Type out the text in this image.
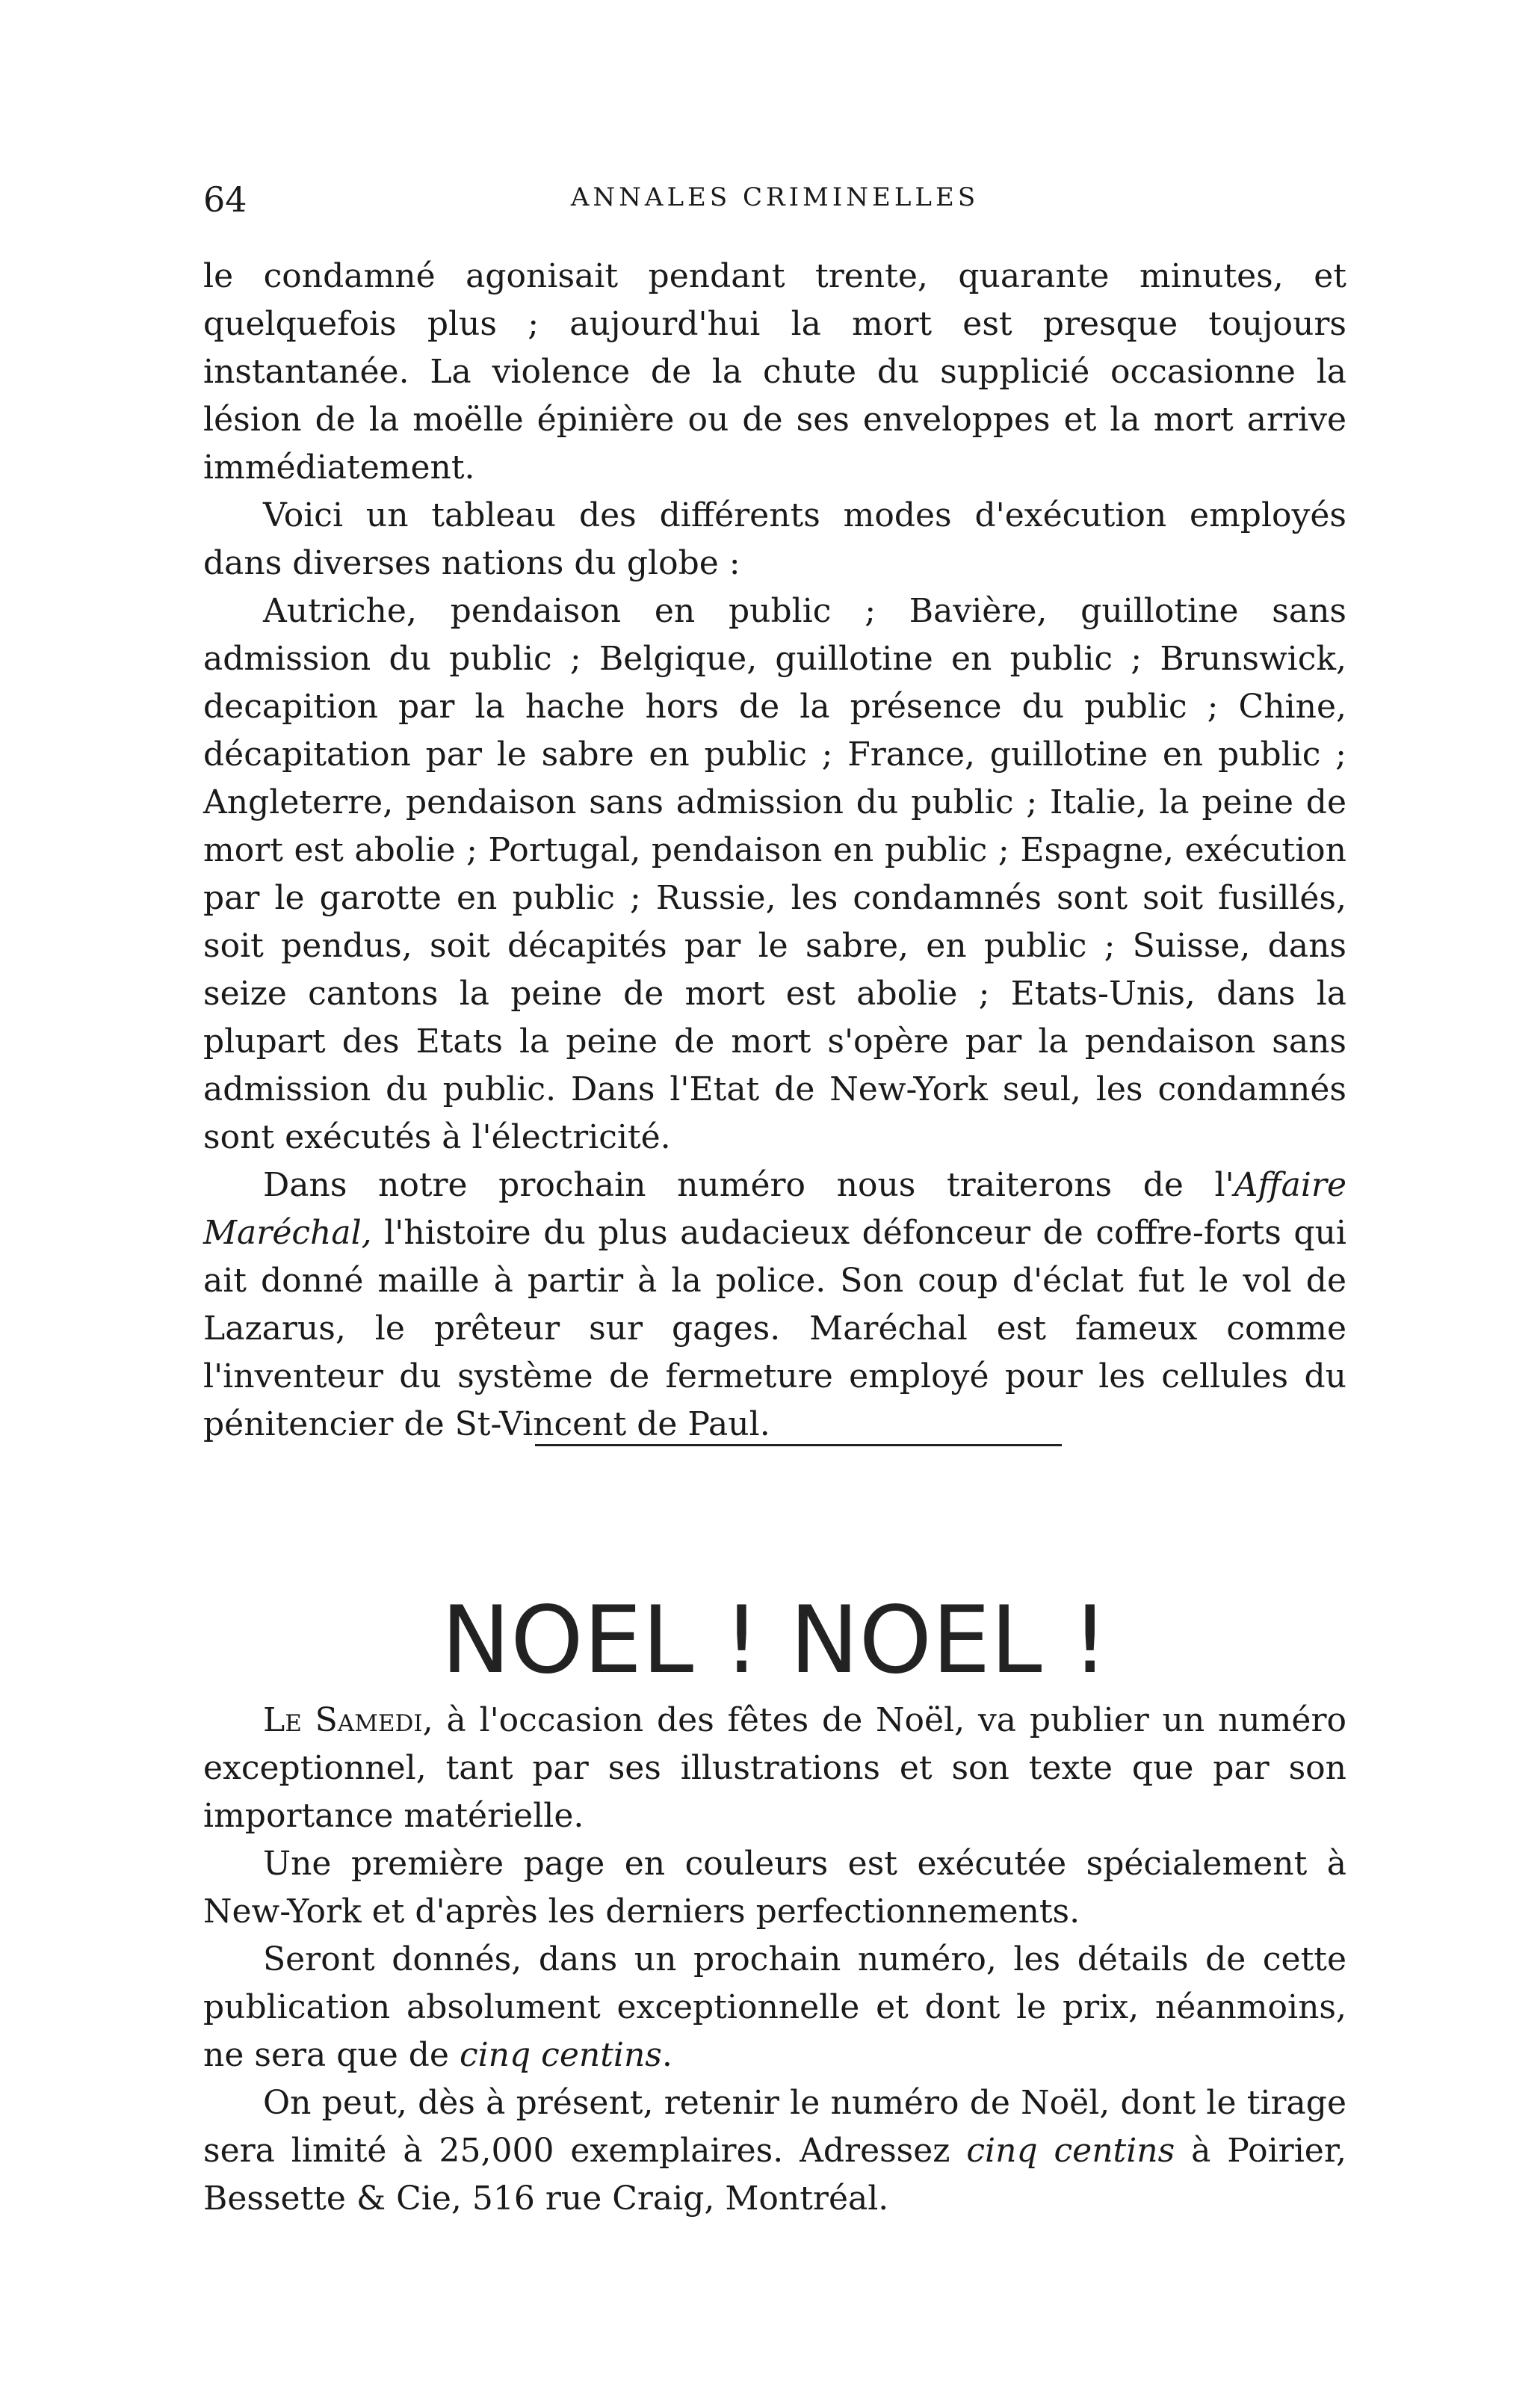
64	ANNALES CRIMINELLES

le condamné agonisait pendant trente, quarante minutes, et quelquefois plus ; aujourd'hui la mort est presque toujours instantanée. La violence de la chute du supplicié occasionne la lésion de la moëlle épinière ou de ses enveloppes et la mort arrive immédiatement.

Voici un tableau des différents modes d'exécution employés dans diverses nations du globe :

Autriche, pendaison en public ; Bavière, guillotine sans admission du public ; Belgique, guillotine en public ; Brunswick, decapition par la hache hors de la présence du public ; Chine, décapitation par le sabre en public ; France, guillotine en public ; Angleterre, pendaison sans admission du public ; Italie, la peine de mort est abolie ; Portugal, pendaison en public ; Espagne, exécution par le garotte en public ; Russie, les condamnés sont soit fusillés, soit pendus, soit décapités par le sabre, en public ; Suisse, dans seize cantons la peine de mort est abolie ; Etats-Unis, dans la plupart des Etats la peine de mort s'opère par la pendaison sans admission du public. Dans l'Etat de New-York seul, les condamnés sont exécutés à l'électricité.

Dans notre prochain numéro nous traiterons de l'Affaire Maréchal, l'histoire du plus audacieux défonceur de coffre-forts qui ait donné maille à partir à la police. Son coup d'éclat fut le vol de Lazarus, le prêteur sur gages. Maréchal est fameux comme l'inventeur du système de fermeture employé pour les cellules du pénitencier de St-Vincent de Paul.

NOEL ! NOEL !

Le Samedi, à l'occasion des fêtes de Noël, va publier un numéro exceptionnel, tant par ses illustrations et son texte que par son importance matérielle.

Une première page en couleurs est exécutée spécialement à New-York et d'après les derniers perfectionnements.

Seront donnés, dans un prochain numéro, les détails de cette publication absolument exceptionnelle et dont le prix, néanmoins, ne sera que de cinq centins.

On peut, dès à présent, retenir le numéro de Noël, dont le tirage sera limité à 25,000 exemplaires. Adressez cinq centins à Poirier, Bessette & Cie, 516 rue Craig, Montréal.
